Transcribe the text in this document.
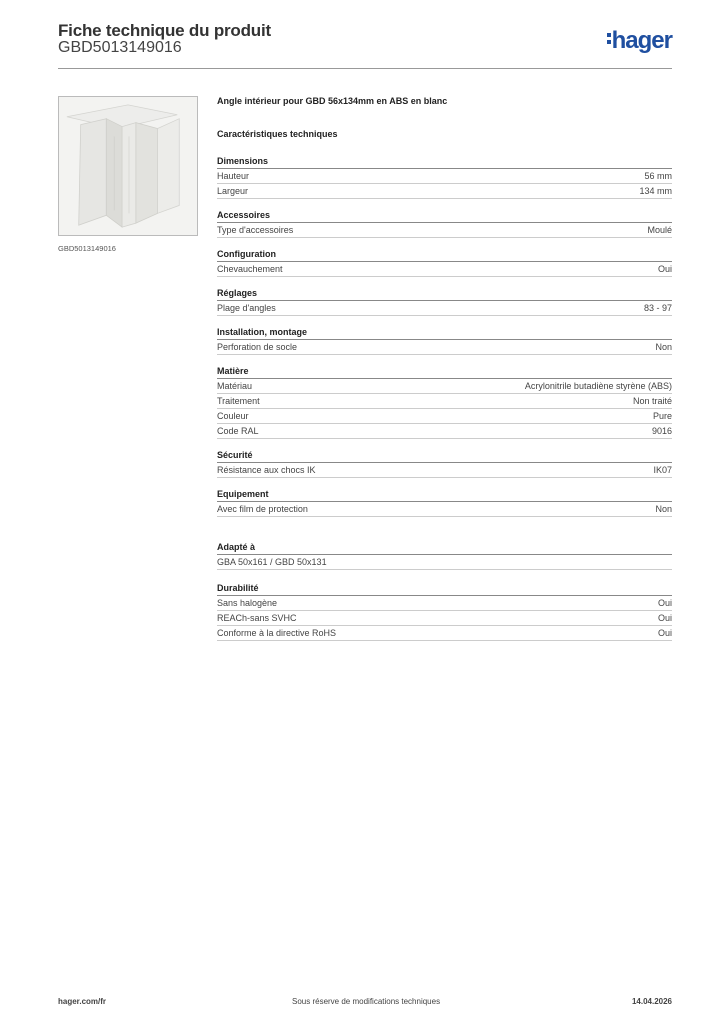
Fiche technique du produit
GBD5013149016	hager
GBD5013149016
Angle intérieur pour GBD 56x134mm en ABS en blanc
Caractéristiques techniques
Dimensions
Hauteur	56 mm
Largeur	134 mm
Accessoires
Type d'accessoires	Moulé
Configuration
Chevauchement	Oui
Réglages
Plage d'angles	83 - 97
Installation, montage
Perforation de socle	Non
Matière
Matériau	Acrylonitrile butadiène styrène (ABS)
Traitement	Non traité
Couleur	Pure
Code RAL	9016
Sécurité
Résistance aux chocs IK	IK07
Equipement
Avec film de protection	Non
Adapté à
GBA 50x161 / GBD 50x131
Durabilité
Sans halogène	Oui
REACh-sans SVHC	Oui
Conforme à la directive RoHS	Oui
hager.com/fr	Sous réserve de modifications techniques	14.04.2026
